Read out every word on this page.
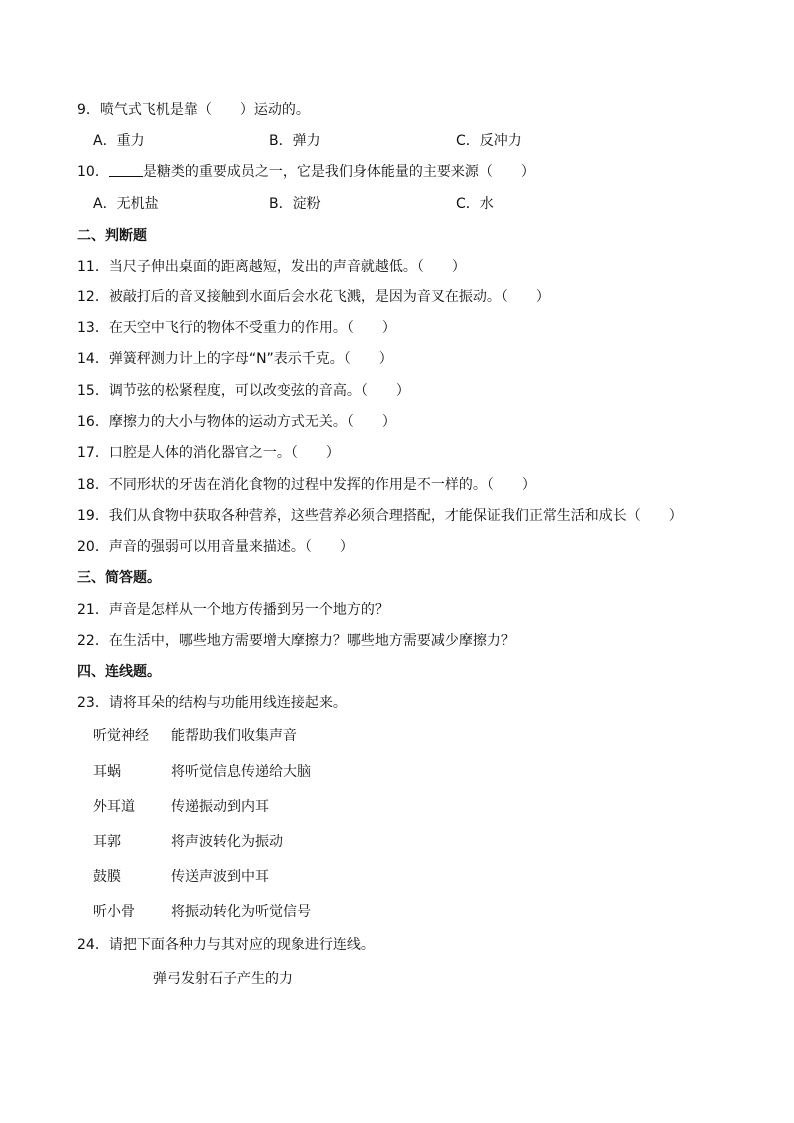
9．喷气式飞机是靠（　　）运动的。
A．重力	B．弹力	C．反冲力
10． 是糖类的重要成员之一，它是我们身体能量的主要来源（　　）
A．无机盐	B．淀粉	C．水
二、判断题
11．当尺子伸出桌面的距离越短，发出的声音就越低。（　　）
12．被敲打后的音叉接触到水面后会水花飞溅，是因为音叉在振动。（　　）
13．在天空中飞行的物体不受重力的作用。（　　）
14．弹簧秤测力计上的字母“N”表示千克。（　　）
15．调节弦的松紧程度，可以改变弦的音高。（　　）
16．摩擦力的大小与物体的运动方式无关。（　　）
17．口腔是人体的消化器官之一。（　　）
18．不同形状的牙齿在消化食物的过程中发挥的作用是不一样的。（　　）
19．我们从食物中获取各种营养，这些营养必须合理搭配，才能保证我们正常生活和成长（　　）
20．声音的强弱可以用音量来描述。（　　）
三、简答题。
21．声音是怎样从一个地方传播到另一个地方的？
22．在生活中，哪些地方需要增大摩擦力？哪些地方需要减少摩擦力？
四、连线题。
23．请将耳朵的结构与功能用线连接起来。
听觉神经 能帮助我们收集声音
耳蜗	将听觉信息传递给大脑
外耳道	传递振动到内耳
耳郭	将声波转化为振动
鼓膜	传送声波到中耳
听小骨	将振动转化为听觉信号
24．请把下面各种力与其对应的现象进行连线。
弹弓发射石子产生的力
